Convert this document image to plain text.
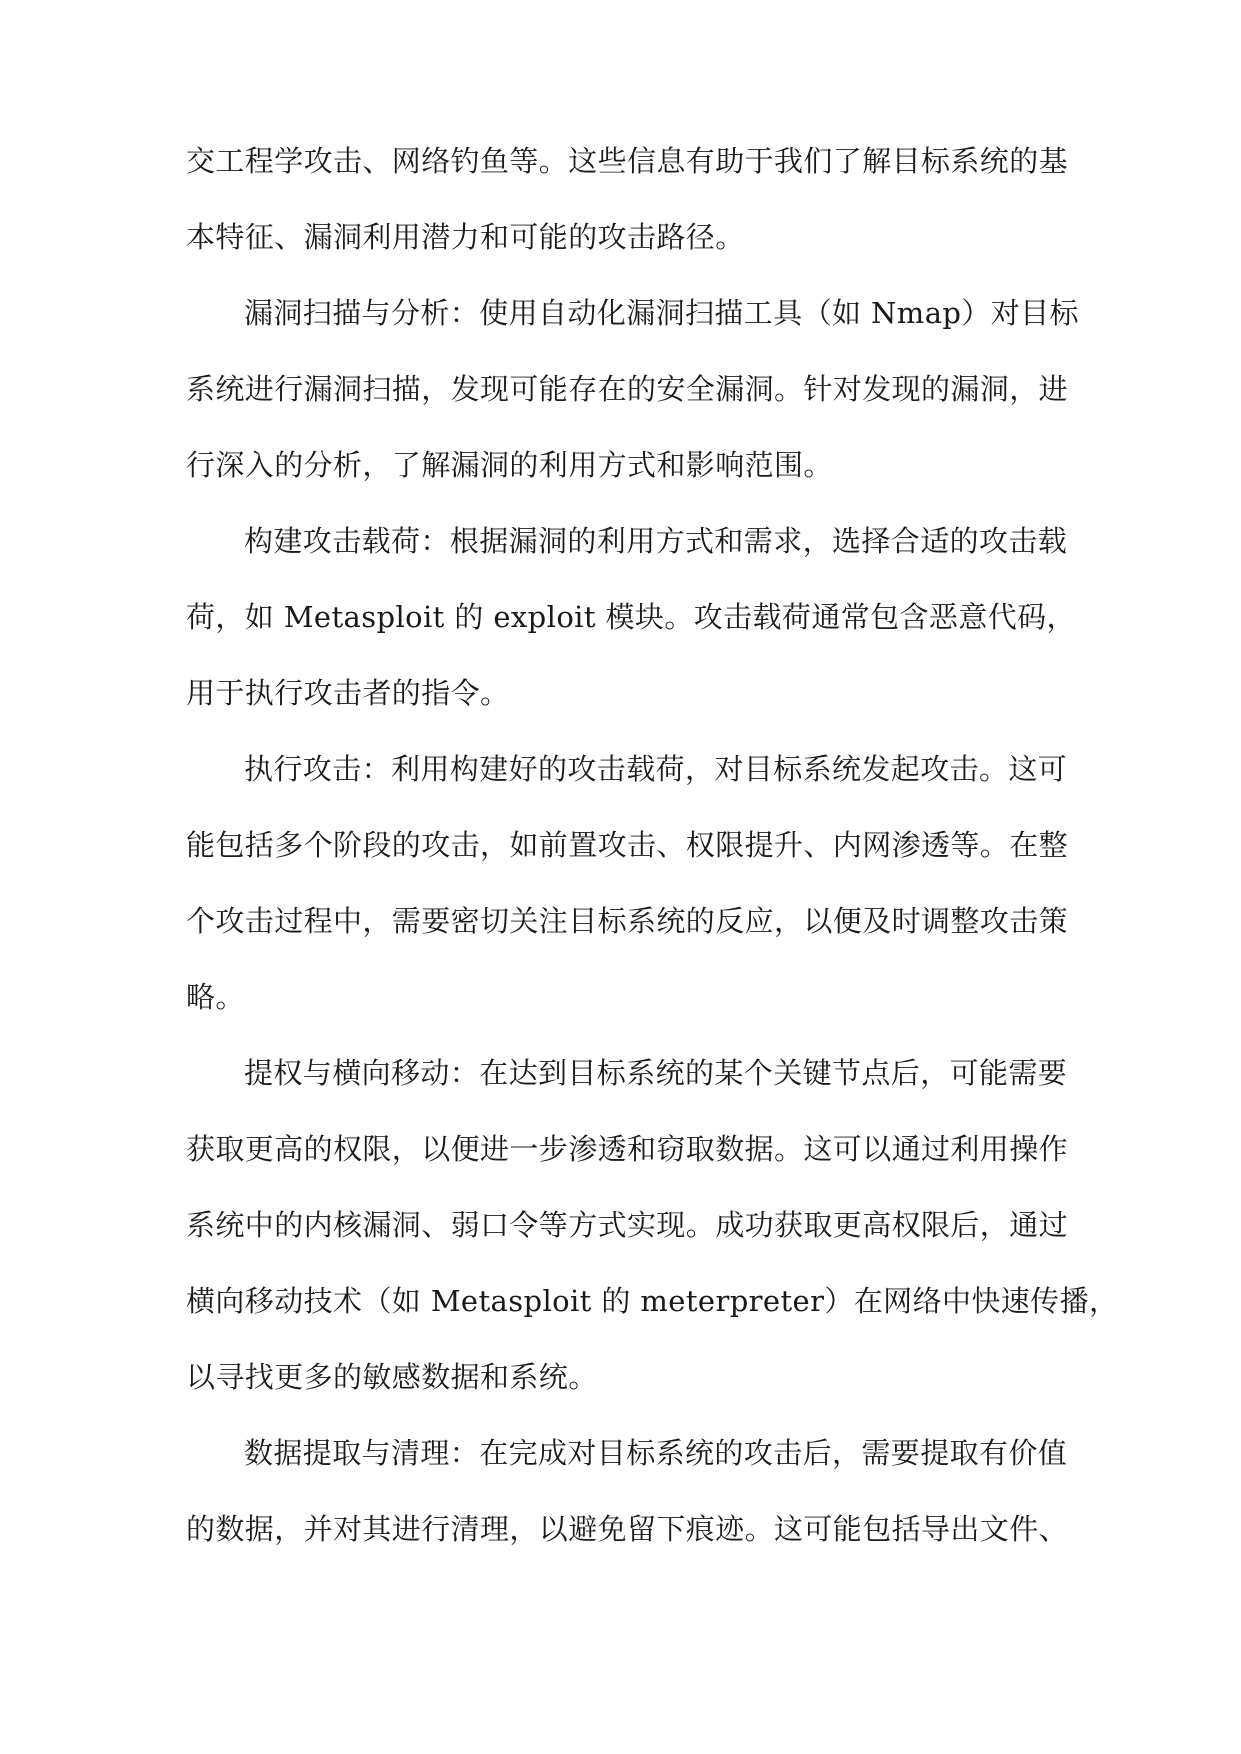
交工程学攻击、网络钓鱼等。这些信息有助于我们了解目标系统的基
本特征、漏洞利用潜力和可能的攻击路径。
漏洞扫描与分析：使用自动化漏洞扫描工具（如 Nmap）对目标
系统进行漏洞扫描，发现可能存在的安全漏洞。针对发现的漏洞，进
行深入的分析，了解漏洞的利用方式和影响范围。
构建攻击载荷：根据漏洞的利用方式和需求，选择合适的攻击载
荷，如 Metasploit 的 exploit 模块。攻击载荷通常包含恶意代码，
用于执行攻击者的指令。
执行攻击：利用构建好的攻击载荷，对目标系统发起攻击。这可
能包括多个阶段的攻击，如前置攻击、权限提升、内网渗透等。在整
个攻击过程中，需要密切关注目标系统的反应，以便及时调整攻击策
略。
提权与横向移动：在达到目标系统的某个关键节点后，可能需要
获取更高的权限，以便进一步渗透和窃取数据。这可以通过利用操作
系统中的内核漏洞、弱口令等方式实现。成功获取更高权限后，通过
横向移动技术（如 Metasploit 的 meterpreter）在网络中快速传播，
以寻找更多的敏感数据和系统。
数据提取与清理：在完成对目标系统的攻击后，需要提取有价值
的数据，并对其进行清理，以避免留下痕迹。这可能包括导出文件、
